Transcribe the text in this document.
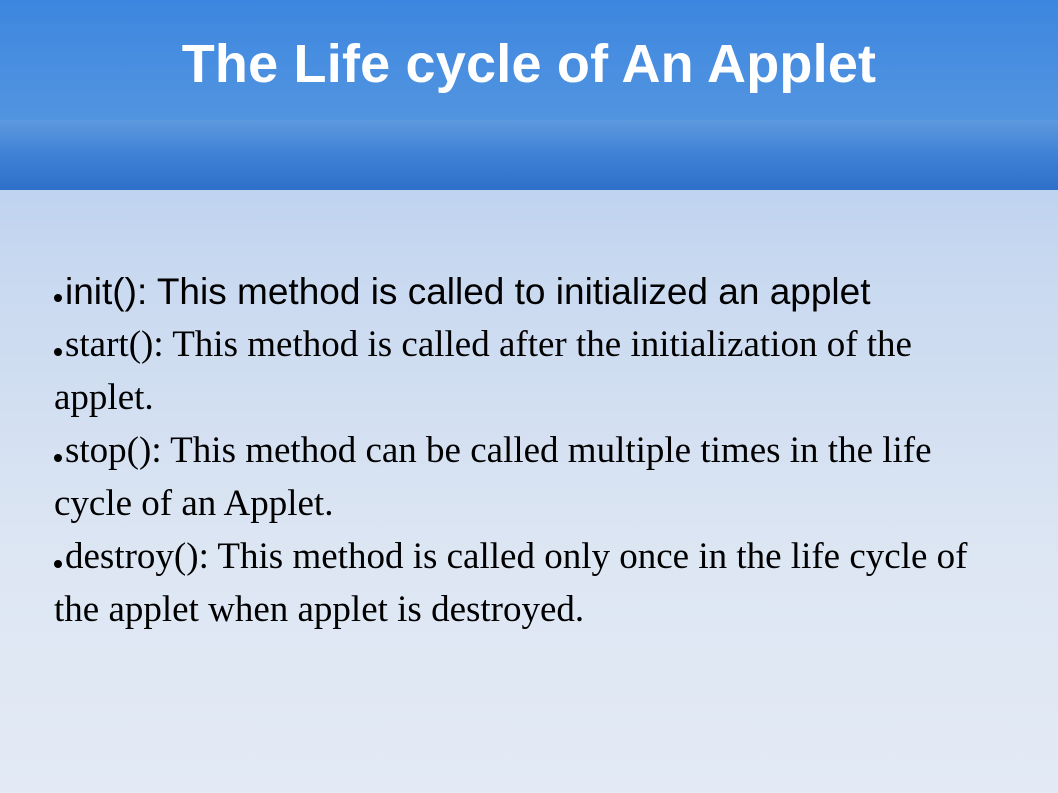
The Life cycle of An Applet
init(): This method is called to initialized an applet
start(): This method is called after the initialization of the applet.
stop(): This method can be called multiple times in the life cycle of an Applet.
destroy(): This method is called only once in the life cycle of the applet when applet is destroyed.
